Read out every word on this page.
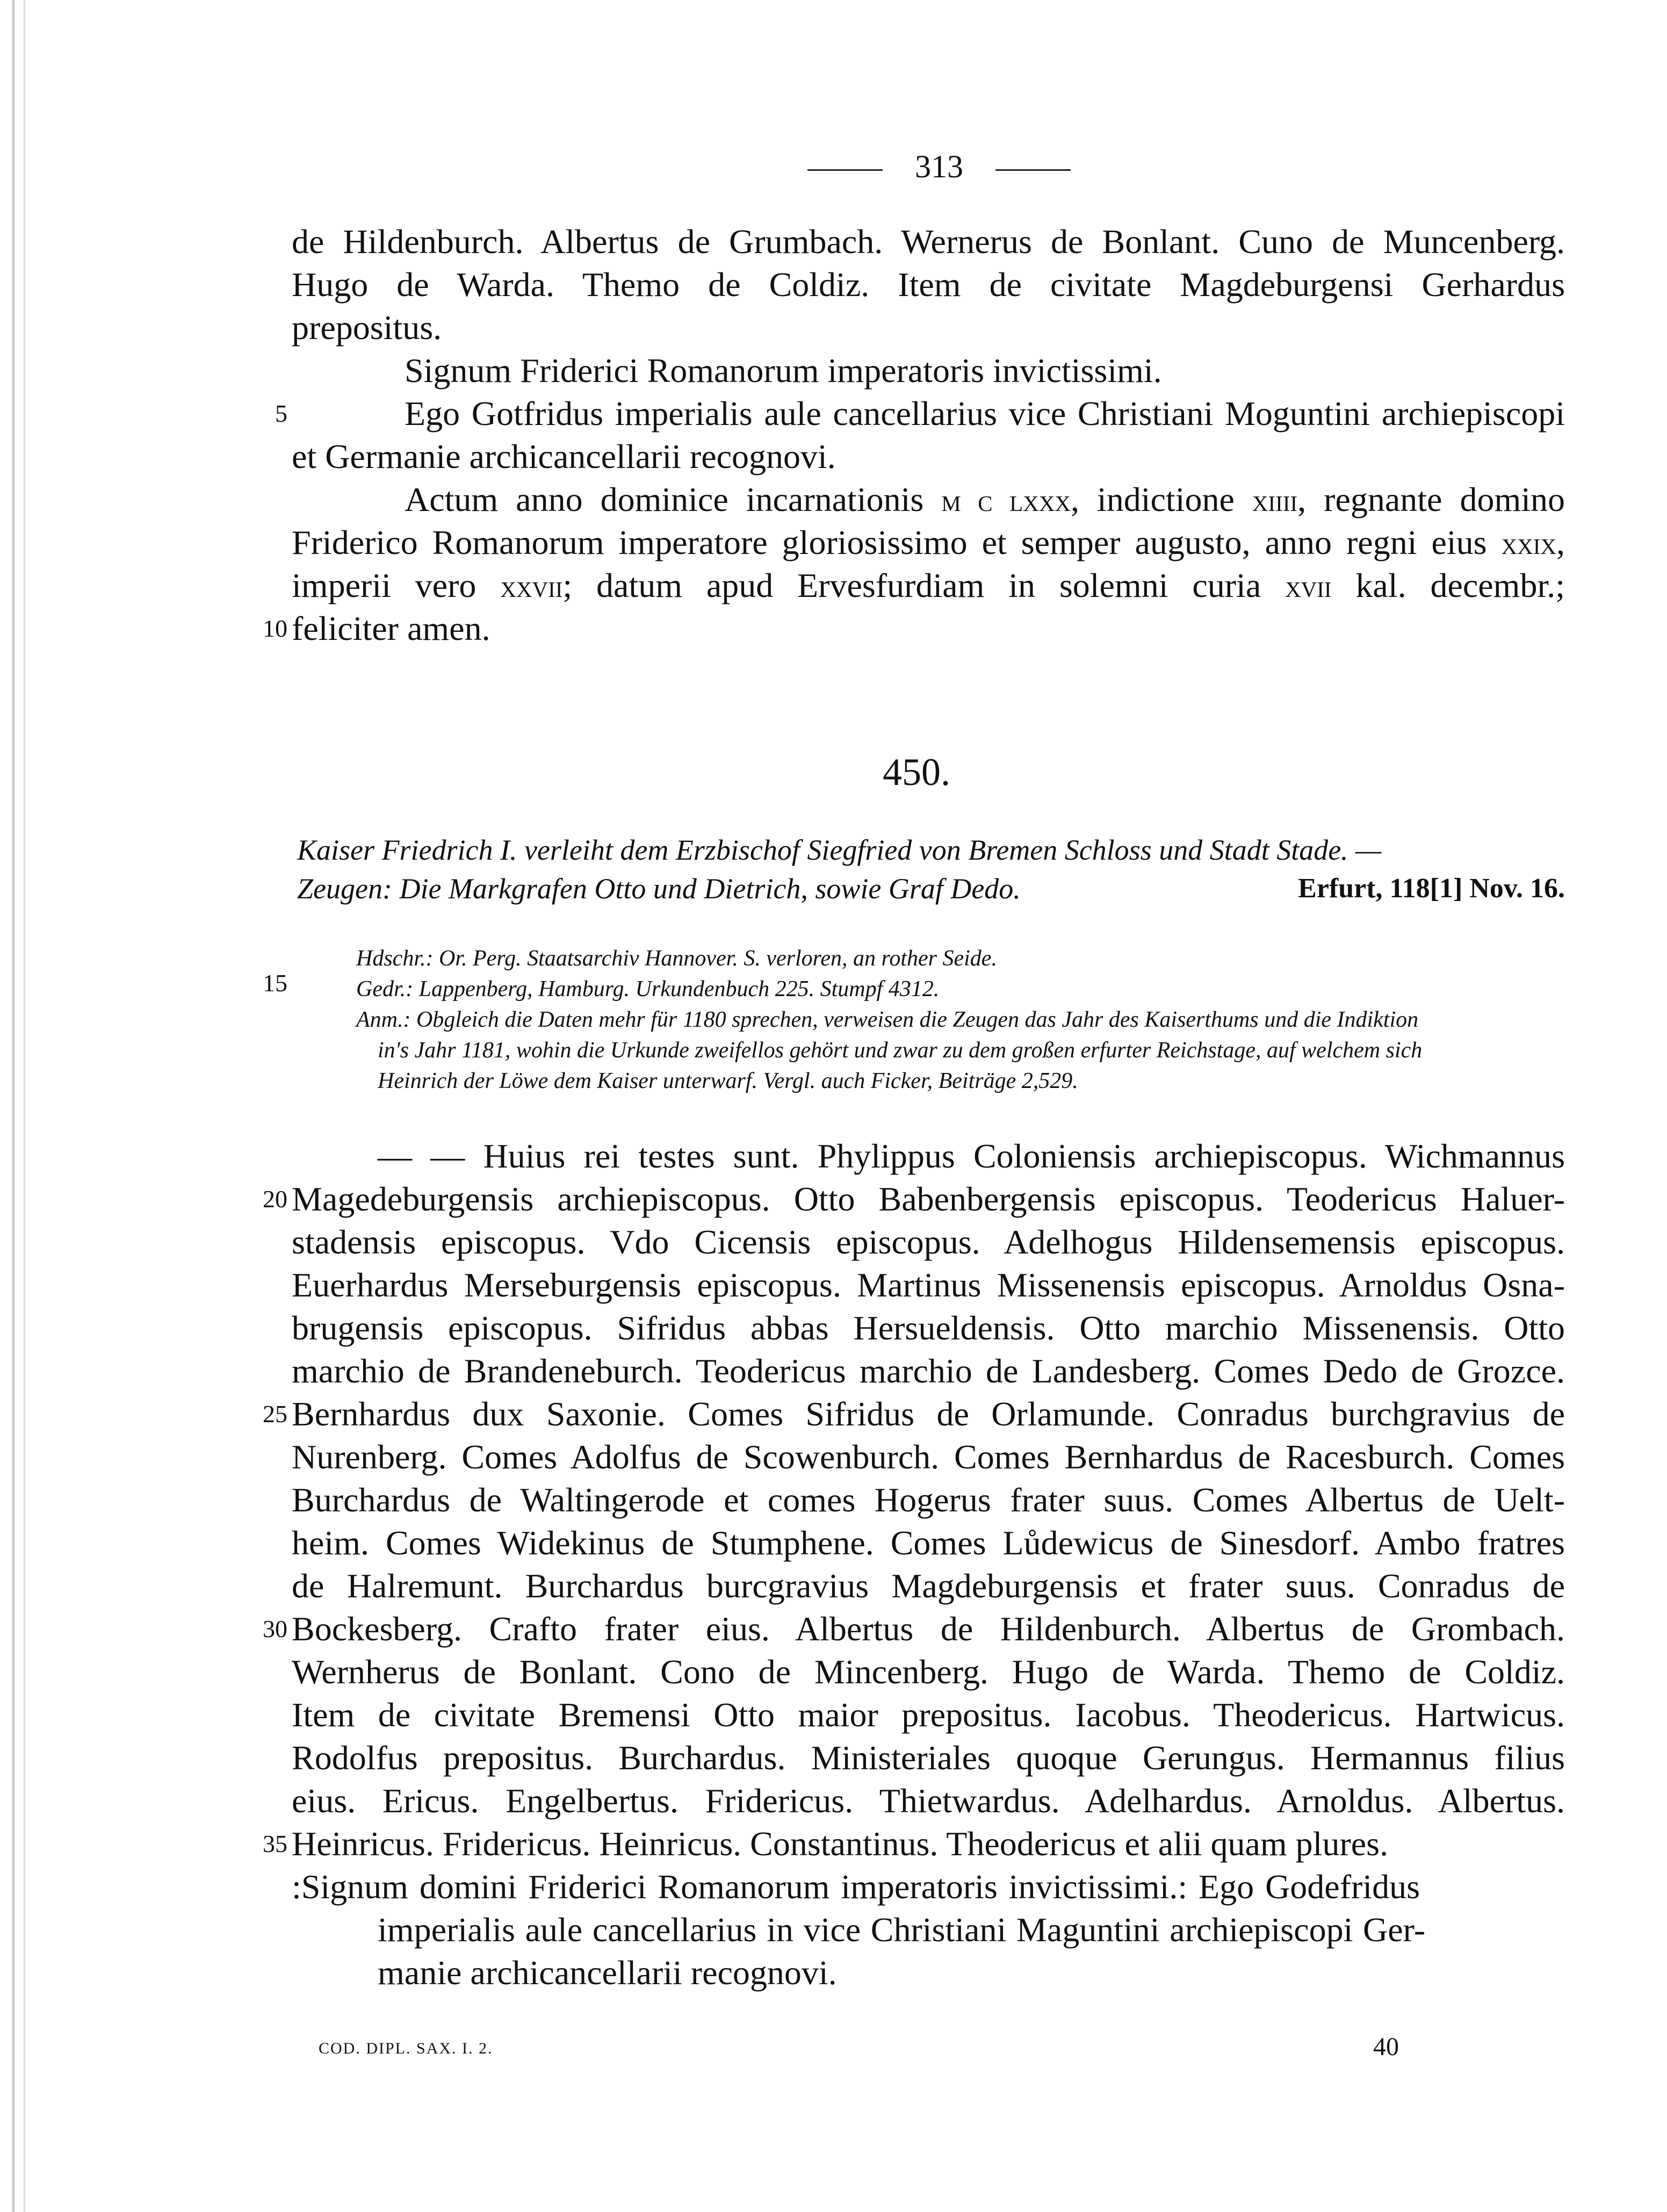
313
de Hildenburch. Albertus de Grumbach. Wernerus de Bonlant. Cuno de Muncenberg.
Hugo de Warda. Themo de Coldiz. Item de civitate Magdeburgensi Gerhardus
prepositus.
Signum Friderici Romanorum imperatoris invictissimi.
5	Ego Gotfridus imperialis aule cancellarius vice Christiani Moguntini archiepiscopi
et Germanie archicancellarii recognovi.
Actum anno dominice incarnationis m c lxxx, indictione xiiii, regnante domino
Friderico Romanorum imperatore gloriosissimo et semper augusto, anno regni eius xxix,
imperii vero xxvii; datum apud Ervesfurdiam in solemni curia xvii kal. decembr.;
10 feliciter amen.
450.
Kaiser Friedrich I. verleiht dem Erzbischof Siegfried von Bremen Schloss und Stadt Stade. —
Zeugen: Die Markgrafen Otto und Dietrich, sowie Graf Dedo.	Erfurt, 118[1] Nov. 16.
Hdschr.: Or. Perg. Staatsarchiv Hannover. S. verloren, an rother Seide.
15	Gedr.: Lappenberg, Hamburg. Urkundenbuch 225. Stumpf 4312.
Anm.: Obgleich die Daten mehr für 1180 sprechen, verweisen die Zeugen das Jahr des Kaiserthums und die Indiktion
in's Jahr 1181, wohin die Urkunde zweifellos gehört und zwar zu dem großen erfurter Reichstage, auf welchem sich
Heinrich der Löwe dem Kaiser unterwarf. Vergl. auch Ficker, Beiträge 2,529.
— — Huius rei testes sunt. Phylippus Coloniensis archiepiscopus. Wichmannus
20 Magedeburgensis archiepiscopus. Otto Babenbergensis episcopus. Teodericus Haluer-
stadensis episcopus. Vdo Cicensis episcopus. Adelhogus Hildensemensis episcopus.
Euerhardus Merseburgensis episcopus. Martinus Missenensis episcopus. Arnoldus Osna-
brugensis episcopus. Sifridus abbas Hersueldensis. Otto marchio Missenensis. Otto
marchio de Brandeneburch. Teodericus marchio de Landesberg. Comes Dedo de Grozce.
25 Bernhardus dux Saxonie. Comes Sifridus de Orlamunde. Conradus burchgravius de
Nurenberg. Comes Adolfus de Scowenburch. Comes Bernhardus de Racesburch. Comes
Burchardus de Waltingerode et comes Hogerus frater suus. Comes Albertus de Uelt-
heim. Comes Widekinus de Stumphene. Comes Lůdewicus de Sinesdorf. Ambo fratres
de Halremunt. Burchardus burcgravius Magdeburgensis et frater suus. Conradus de
30 Bockesberg. Crafto frater eius. Albertus de Hildenburch. Albertus de Grombach.
Wernherus de Bonlant. Cono de Mincenberg. Hugo de Warda. Themo de Coldiz.
Item de civitate Bremensi Otto maior prepositus. Iacobus. Theodericus. Hartwicus.
Rodolfus prepositus. Burchardus. Ministeriales quoque Gerungus. Hermannus filius
eius. Ericus. Engelbertus. Fridericus. Thietwardus. Adelhardus. Arnoldus. Albertus.
35 Heinricus. Fridericus. Heinricus. Constantinus. Theodericus et alii quam plures.
:Signum domini Friderici Romanorum imperatoris invictissimi.: Ego Godefridus
imperialis aule cancellarius in vice Christiani Maguntini archiepiscopi Ger-
manie archicancellarii recognovi.
COD. DIPL. SAX. I. 2.	40
